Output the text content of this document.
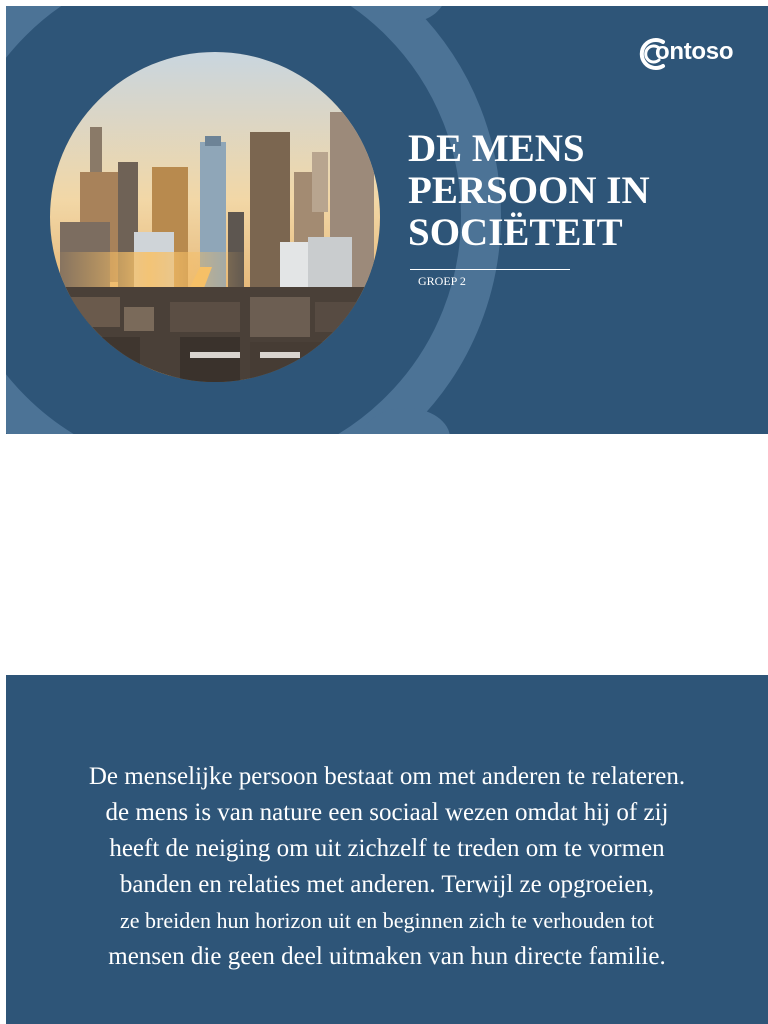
ontoso
DE MENS
PERSOON IN
SOCIËTEIT

GROEP 2

De menselijke persoon bestaat om met anderen te relateren.
de mens is van nature een sociaal wezen omdat hij of zij
heeft de neiging om uit zichzelf te treden om te vormen
banden en relaties met anderen. Terwijl ze opgroeien,
ze breiden hun horizon uit en beginnen zich te verhouden tot
mensen die geen deel uitmaken van hun directe familie.
